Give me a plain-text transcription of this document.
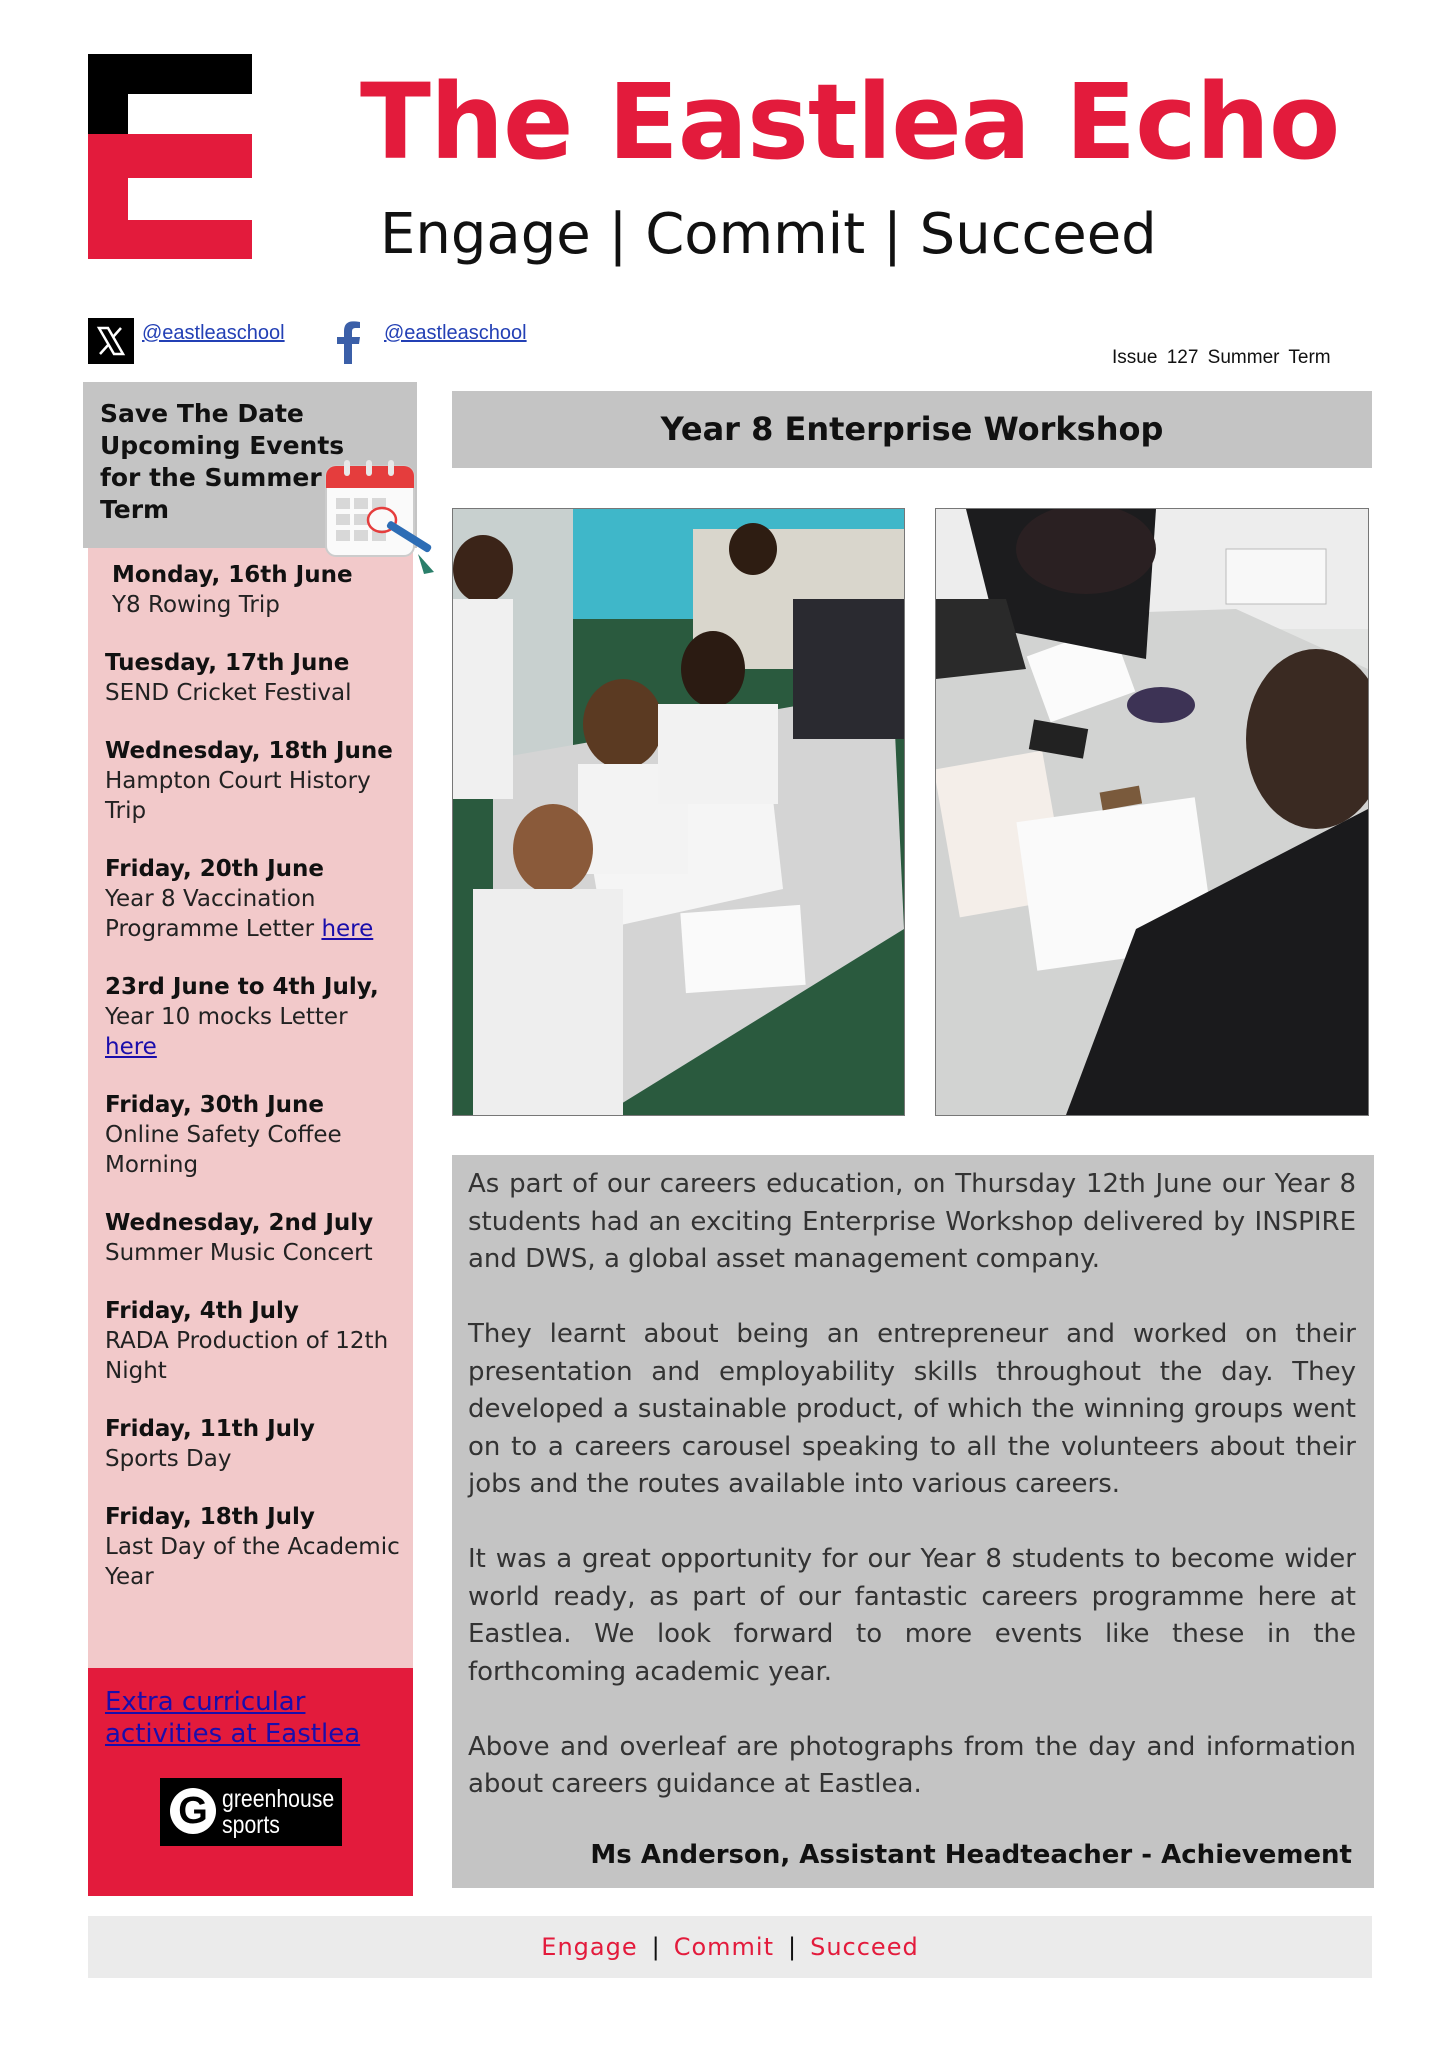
The Eastlea Echo
Engage | Commit | Succeed
@eastleaschool	@eastleaschool
Issue 127 Summer Term
Save The Date Upcoming Events for the Summer Term
Monday, 16th June
Y8 Rowing Trip
Tuesday, 17th June
SEND Cricket Festival
Wednesday, 18th June
Hampton Court History Trip
Friday, 20th June
Year 8 Vaccination Programme Letter here
23rd June to 4th July,
Year 10 mocks Letter here
Friday, 30th June
Online Safety Coffee Morning
Wednesday, 2nd July
Summer Music Concert
Friday, 4th July
RADA Production of 12th Night
Friday, 11th July
Sports Day
Friday, 18th July
Last Day of the Academic Year
Extra curricular activities at Eastlea
G greenhouse
sports
Year 8 Enterprise Workshop

As part of our careers education, on Thursday 12th June our Year 8 students had an exciting Enterprise Workshop delivered by INSPIRE and DWS, a global asset management company.

They learnt about being an entrepreneur and worked on their presentation and employability skills throughout the day. They developed a sustainable product, of which the winning groups went on to a careers carousel speaking to all the volunteers about their jobs and the routes available into various careers.

It was a great opportunity for our Year 8 students to become wider world ready, as part of our fantastic careers programme here at Eastlea. We look forward to more events like these in the forthcoming academic year.

Above and overleaf are photographs from the day and information about careers guidance at Eastlea.

Ms Anderson, Assistant Headteacher - Achievement

Engage | Commit | Succeed
